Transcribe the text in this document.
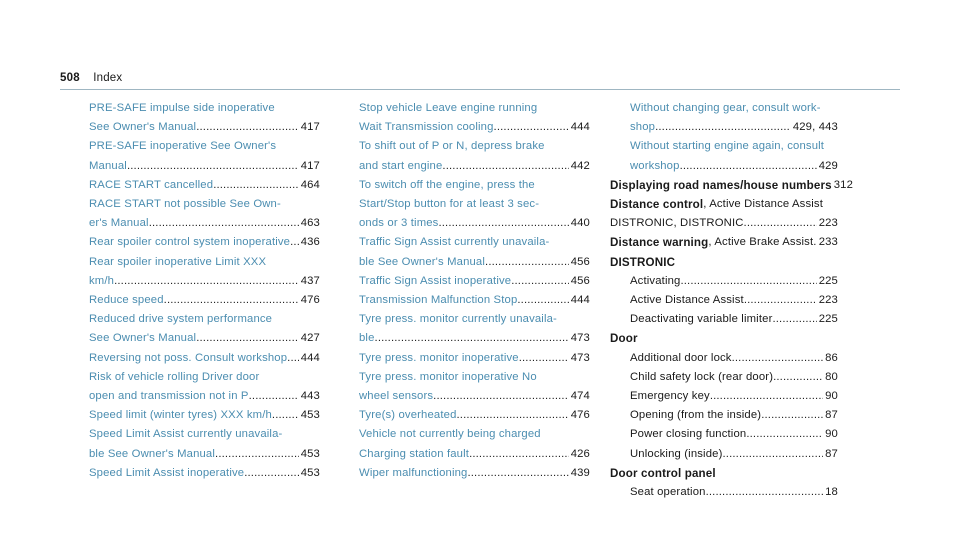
508 Index
PRE-SAFE impulse side inoperative
See Owner's Manual .....	417
PRE-SAFE inoperative See Owner's
Manual .....	417
RACE START cancelled .....	464
RACE START not possible See Own-
er's Manual .....	463
Rear spoiler control system inoperative ..... 436
Rear spoiler inoperative Limit XXX
km/h .....	437
Reduce speed .....	476
Reduced drive system performance
See Owner's Manual .....	427
Reversing not poss. Consult workshop ..... 444
Risk of vehicle rolling Driver door
open and transmission not in P .....	443
Speed limit (winter tyres) XXX km/h .....	453
Speed Limit Assist currently unavaila-
ble See Owner's Manual .....	453
Speed Limit Assist inoperative .....	453
Stop vehicle Leave engine running
Wait Transmission cooling .....	444
To shift out of P or N, depress brake
and start engine .....	442
To switch off the engine, press the
Start/Stop button for at least 3 sec-
onds or 3 times .....	440
Traffic Sign Assist currently unavaila-
ble See Owner's Manual .....	456
Traffic Sign Assist inoperative .....	456
Transmission Malfunction Stop .....	444
Tyre press. monitor currently unavaila-
ble .....	473
Tyre press. monitor inoperative .....	473
Tyre press. monitor inoperative No
wheel sensors .....	474
Tyre(s) overheated .....	476
Vehicle not currently being charged
Charging station fault .....	426
Wiper malfunctioning .....	439
Without changing gear, consult work-
shop .....	429, 443
Without starting engine again, consult
workshop .....	429
Displaying road names/house numbers 312
Distance control , Active Distance Assist
DISTRONIC, DISTRONIC .....	223
Distance warning , Active Brake Assist ..... 233
DISTRONIC
Activating .....	225
Active Distance Assist .....	223
Deactivating variable limiter .....	225
Door
Additional door lock .....	86
Child safety lock (rear door) .....	80
Emergency key .....	90
Opening (from the inside) .....	87
Power closing function .....	90
Unlocking (inside) .....	87
Door control panel
Seat operation .....	18
